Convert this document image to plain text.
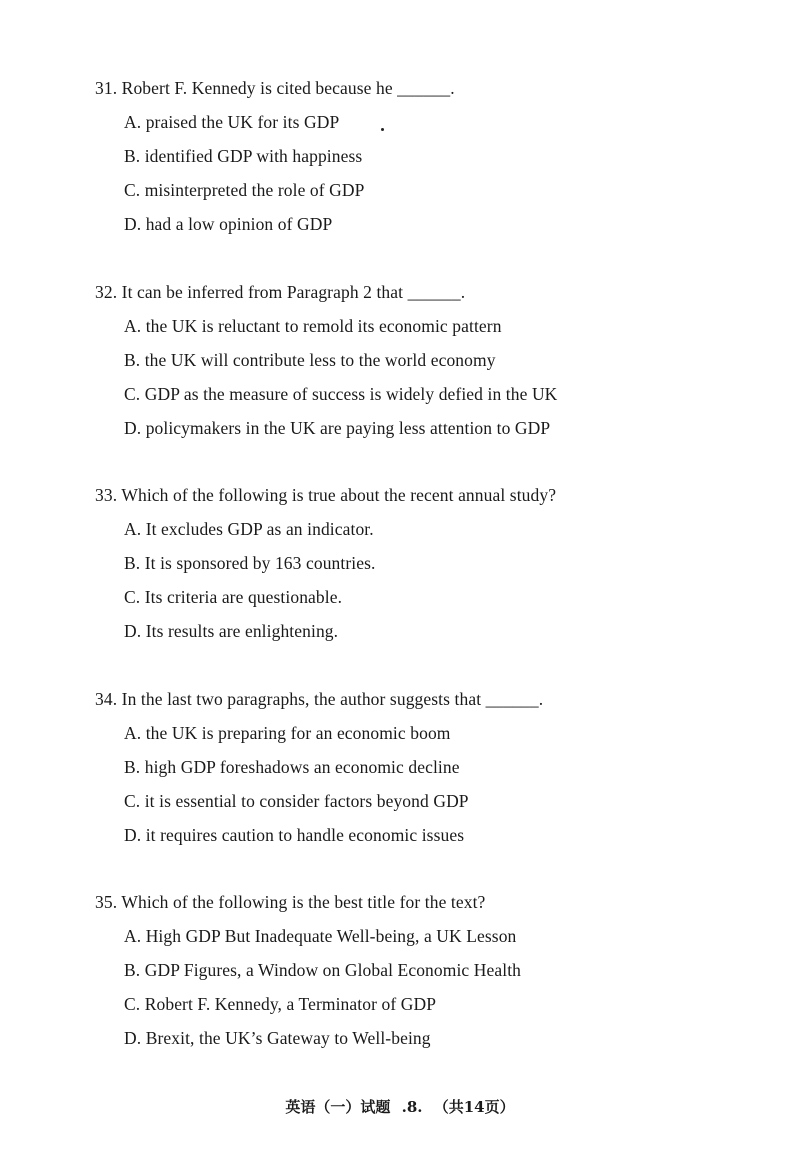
31. Robert F. Kennedy is cited because he ______.
A. praised the UK for its GDP
B. identified GDP with happiness
C. misinterpreted the role of GDP
D. had a low opinion of GDP
32. It can be inferred from Paragraph 2 that ______.
A. the UK is reluctant to remold its economic pattern
B. the UK will contribute less to the world economy
C. GDP as the measure of success is widely defied in the UK
D. policymakers in the UK are paying less attention to GDP
33. Which of the following is true about the recent annual study?
A. It excludes GDP as an indicator.
B. It is sponsored by 163 countries.
C. Its criteria are questionable.
D. Its results are enlightening.
34. In the last two paragraphs, the author suggests that ______.
A. the UK is preparing for an economic boom
B. high GDP foreshadows an economic decline
C. it is essential to consider factors beyond GDP
D. it requires caution to handle economic issues
35. Which of the following is the best title for the text?
A. High GDP But Inadequate Well-being, a UK Lesson
B. GDP Figures, a Window on Global Economic Health
C. Robert F. Kennedy, a Terminator of GDP
D. Brexit, the UK’s Gateway to Well-being
英语（一）试题 .8. （共14页）
